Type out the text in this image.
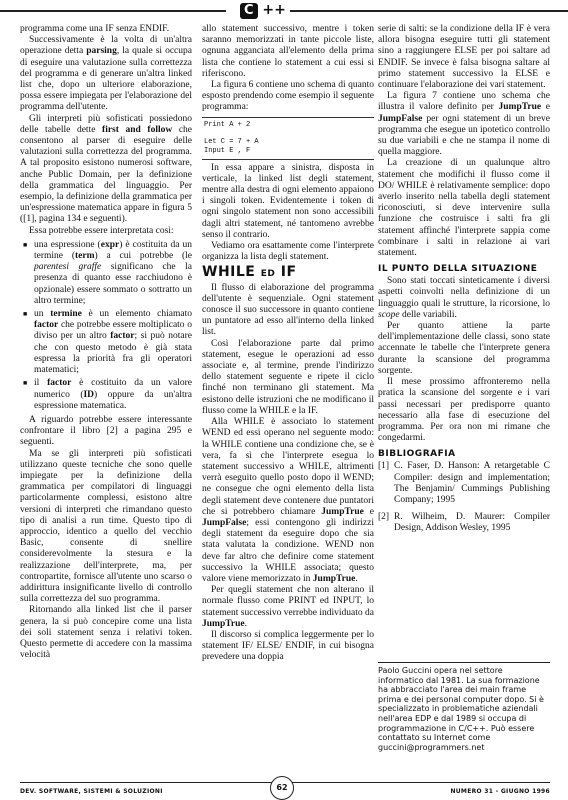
C ++

programma come una IF senza ENDIF.

Successivamente è la volta di un'altra operazione detta parsing, la quale si occupa di eseguire una valutazione sulla correttezza del programma e di generare un'altra linked list che, dopo un ulteriore elaborazione, possa essere impiegata per l'elaborazione del programma dell'utente.

Gli interpreti più sofisticati possiedono delle tabelle dette first and follow che consentono al parser di eseguire delle valutazioni sulla correttezza del programma. A tal proposito esistono numerosi software, anche Public Domain, per la definizione della grammatica del linguaggio. Per esempio, la definizione della grammatica per un'espressione matematica appare in figura 5 ([1], pagina 134 e seguenti).

Essa potrebbe essere interpretata così:

■ una espressione (expr) è costituita da un termine (term) a cui potrebbe (le parentesi graffe significano che la presenza di quanto esse racchiudono è opzionale) essere sommato o sottratto un altro termine;
■ un termine è un elemento chiamato factor che potrebbe essere moltiplicato o diviso per un altro factor; si può notare che con questo metodo è già stata espressa la priorità fra gli operatori matematici;
■ il factor è costituito da un valore numerico (ID) oppure da un'altra espressione matematica.

A riguardo potrebbe essere interessante confrontare il libro [2] a pagina 295 e seguenti.

Ma se gli interpreti più sofisticati utilizzano queste tecniche che sono quelle impiegate per la definizione della grammatica per compilatori di linguaggi particolarmente complessi, esistono altre versioni di interpreti che rimandano questo tipo di analisi a run time. Questo tipo di approccio, identico a quello del vecchio Basic, consente di snellire considerevolmente la stesura e la realizzazione dell'interprete, ma, per contropartite, fornisce all'utente uno scarso o addirittura insignificante livello di controllo sulla correttezza del suo programma.

Ritornando alla linked list che il parser genera, la si può concepire come una lista dei soli statement senza i relativi token. Questo permette di accedere con la massima velocità

allo statement successivo, mentre i token saranno memorizzati in tante piccole liste, ognuna agganciata all'elemento della prima lista che contiene lo statement a cui essi si riferiscono.

La figura 6 contiene uno schema di quanto esposto prendendo come esempio il seguente programma:

Print A + 2
Let C = 7 + A
Input E , F

In essa appare a sinistra, disposta in verticale, la linked list degli statement, mentre alla destra di ogni elemento appaiono i singoli token. Evidentemente i token di ogni singolo statement non sono accessibili dagli altri statement, né tantomeno avrebbe senso il contrario.

Vediamo ora esattamente come l'interprete organizza la lista degli statement.

WHILE ED IF

Il flusso di elaborazione del programma dell'utente è sequenziale. Ogni statement conosce il suo successore in quanto contiene un puntatore ad esso all'interno della linked list.

Così l'elaborazione parte dal primo statement, esegue le operazioni ad esso associate e, al termine, prende l'indirizzo dello statement seguente e ripete il ciclo finché non terminano gli statement. Ma esistono delle istruzioni che ne modificano il flusso come la WHILE e la IF.

Alla WHILE è associato lo statement WEND ed essi operano nel seguente modo: la WHILE contiene una condizione che, se è vera, fa sì che l'interprete esegua lo statement successivo a WHILE, altrimenti verrà eseguito quello posto dopo il WEND; ne consegue che ogni elemento della lista degli statement deve contenere due puntatori che si potrebbero chiamare JumpTrue e JumpFalse; essi contengono gli indirizzi degli statement da eseguire dopo che sia stata valutata la condizione. WEND non deve far altro che definire come statement successivo la WHILE associata; questo valore viene memorizzato in JumpTrue.

Per quegli statement che non alterano il normale flusso come PRINT ed INPUT, lo statement successivo verrebbe individuato da JumpTrue.

Il discorso si complica leggermente per lo statement IF/ ELSE/ ENDIF, in cui bisogna prevedere una doppia

serie di salti: se la condizione della IF è vera allora bisogna eseguire tutti gli statement sino a raggiungere ELSE per poi saltare ad ENDIF. Se invece è falsa bisogna saltare al primo statement successivo la ELSE e continuare l'elaborazione dei vari statement.

La figura 7 contiene uno schema che illustra il valore definito per JumpTrue e JumpFalse per ogni statement di un breve programma che esegue un ipotetico controllo su due variabili e che ne stampa il nome di quella maggiore.

La creazione di un qualunque altro statement che modifichi il flusso come il DO/ WHILE è relativamente semplice: dopo averlo inserito nella tabella degli statement riconosciuti, si deve intervenire sulla funzione che costruisce i salti fra gli statement affinché l'interprete sappia come combinare i salti in relazione ai vari statement.

IL PUNTO DELLA SITUAZIONE

Sono stati toccati sinteticamente i diversi aspetti coinvolti nella definizione di un linguaggio quali le strutture, la ricorsione, lo scope delle variabili.

Per quanto attiene la parte dell'implementazione delle classi, sono state accennate le tabelle che l'interprete genera durante la scansione del programma sorgente.

Il mese prossimo affronteremo nella pratica la scansione del sorgente e i vari passi necessari per predisporre quanto necessario alla fase di esecuzione del programma. Per ora non mi rimane che congedarmi.

BIBLIOGRAFIA
[1] C. Faser, D. Hanson: A retargetable C Compiler: design and implementation; The Benjamin/ Cummings Publishing Company; 1995
[2] R. Wilheim, D. Maurer: Compiler Design, Addison Wesley, 1995
Paolo Guccini opera nel settore informatico dal 1981. La sua formazione ha abbracciato l'area dei main frame prima e dei personal computer dopo. Si è specializzato in problematiche aziendali nell'area EDP e dal 1989 si occupa di programmazione in C/C++. Può essere contattato su Internet come guccini@programmers.net
DEV. SOFTWARE, SISTEMI & SOLUZIONI	62	NUMERO 31 - GIUGNO 1996
